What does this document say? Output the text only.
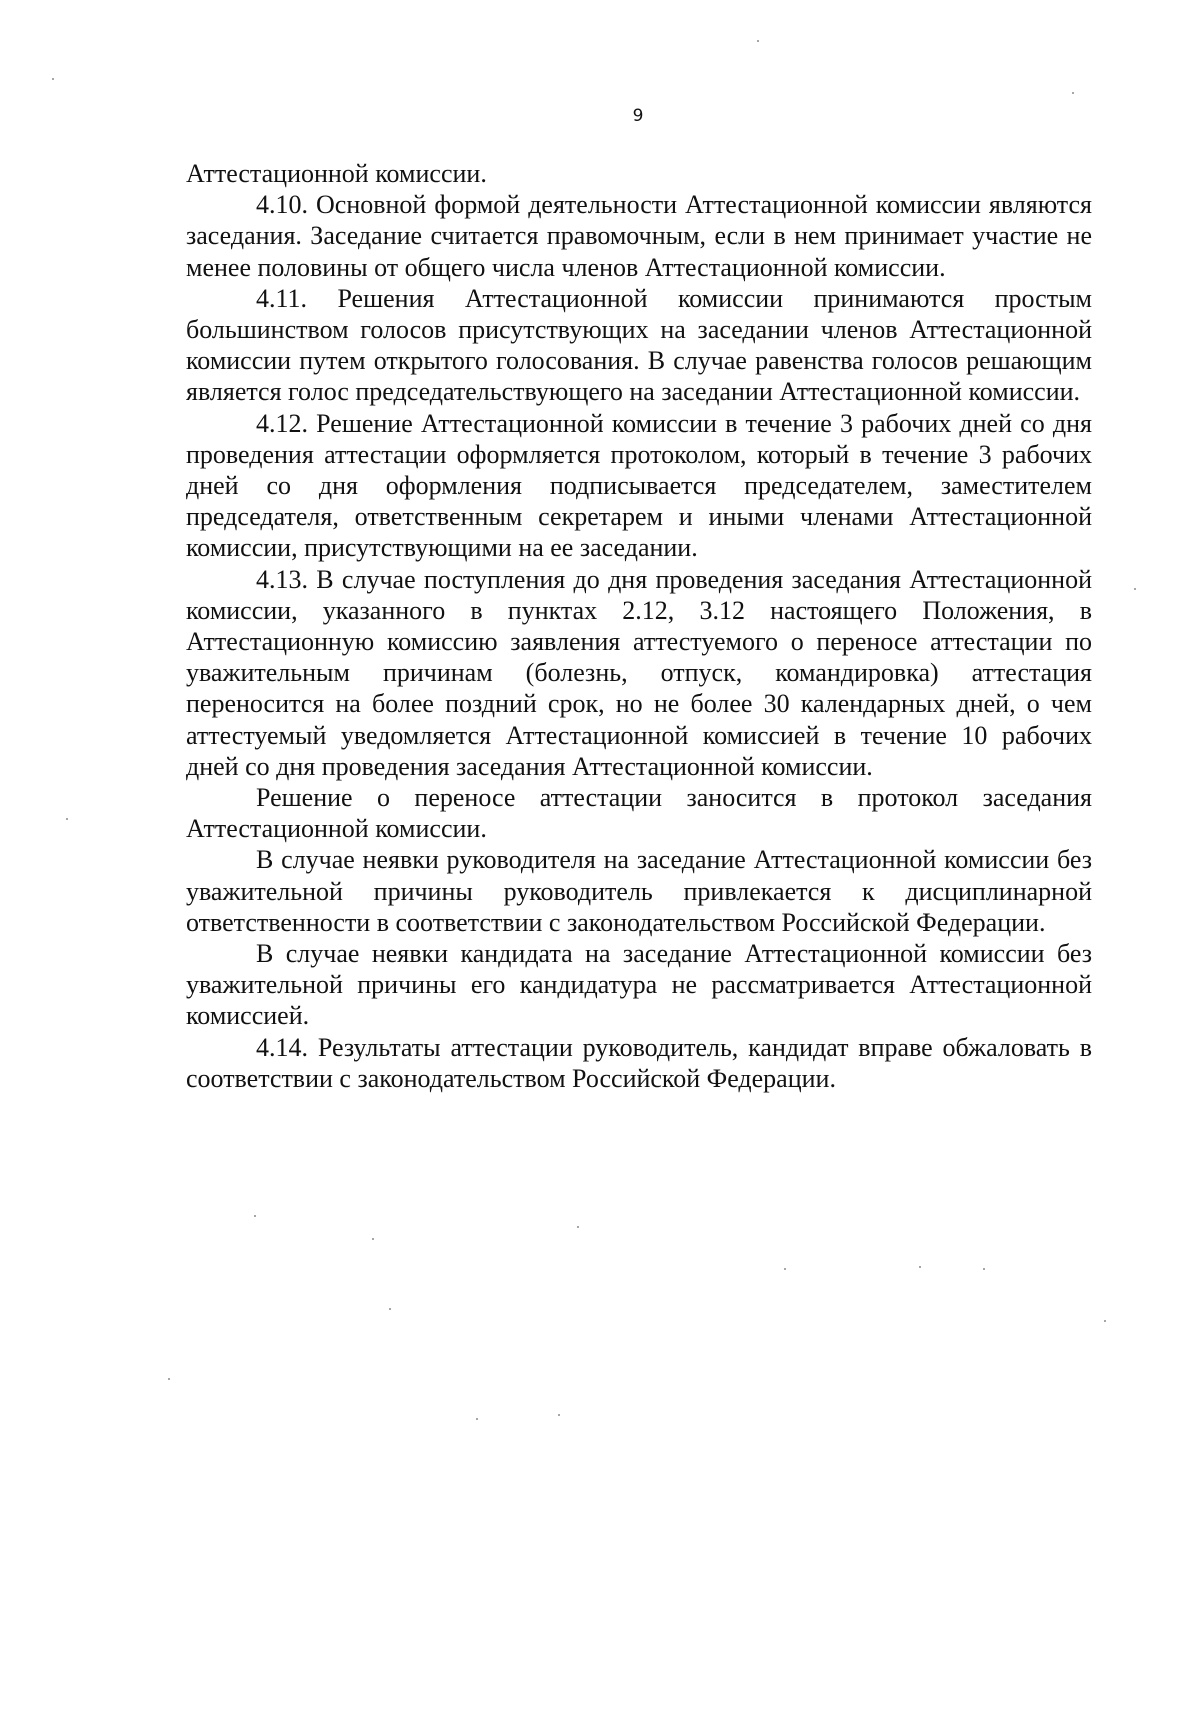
9

Аттестационной комиссии.

4.10. Основной формой деятельности Аттестационной комиссии являются заседания. Заседание считается правомочным, если в нем принимает участие не менее половины от общего числа членов Аттестационной комиссии.

4.11. Решения Аттестационной комиссии принимаются простым большинством голосов присутствующих на заседании членов Аттестационной комиссии путем открытого голосования. В случае равенства голосов решающим является голос председательствующего на заседании Аттестационной комиссии.

4.12. Решение Аттестационной комиссии в течение 3 рабочих дней со дня проведения аттестации оформляется протоколом, который в течение 3 рабочих дней со дня оформления подписывается председателем, заместителем председателя, ответственным секретарем и иными членами Аттестационной комиссии, присутствующими на ее заседании.

4.13. В случае поступления до дня проведения заседания Аттестационной комиссии, указанного в пунктах 2.12, 3.12 настоящего Положения, в Аттестационную комиссию заявления аттестуемого о переносе аттестации по уважительным причинам (болезнь, отпуск, командировка) аттестация переносится на более поздний срок, но не более 30 календарных дней, о чем аттестуемый уведомляется Аттестационной комиссией в течение 10 рабочих дней со дня проведения заседания Аттестационной комиссии.

Решение о переносе аттестации заносится в протокол заседания Аттестационной комиссии.

В случае неявки руководителя на заседание Аттестационной комиссии без уважительной причины руководитель привлекается к дисциплинарной ответственности в соответствии с законодательством Российской Федерации.

В случае неявки кандидата на заседание Аттестационной комиссии без уважительной причины его кандидатура не рассматривается Аттестационной комиссией.

4.14. Результаты аттестации руководитель, кандидат вправе обжаловать в соответствии с законодательством Российской Федерации.
